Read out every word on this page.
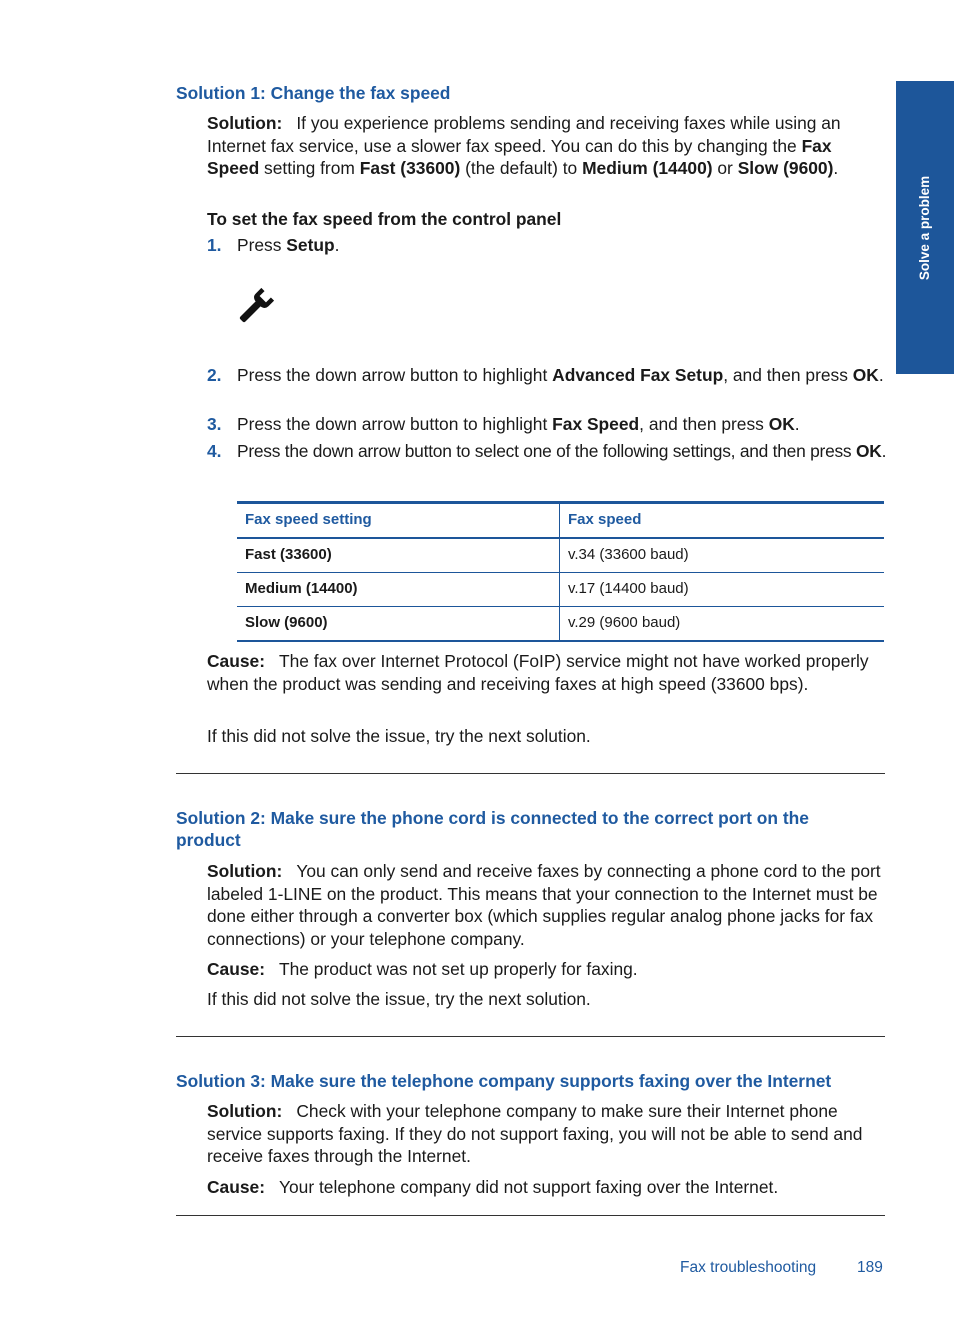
Solve a problem
Solution 1: Change the fax speed
Solution: If you experience problems sending and receiving faxes while using an Internet fax service, use a slower fax speed. You can do this by changing the Fax Speed setting from Fast (33600) (the default) to Medium (14400) or Slow (9600).
To set the fax speed from the control panel
1. Press Setup.
2. Press the down arrow button to highlight Advanced Fax Setup, and then press OK.
3. Press the down arrow button to highlight Fax Speed, and then press OK.
4. Press the down arrow button to select one of the following settings, and then press OK.
Fax speed setting	Fax speed
Fast (33600)	v.34 (33600 baud)
Medium (14400)	v.17 (14400 baud)
Slow (9600)	v.29 (9600 baud)
Cause: The fax over Internet Protocol (FoIP) service might not have worked properly when the product was sending and receiving faxes at high speed (33600 bps).
If this did not solve the issue, try the next solution.
Solution 2: Make sure the phone cord is connected to the correct port on the product
Solution: You can only send and receive faxes by connecting a phone cord to the port labeled 1-LINE on the product. This means that your connection to the Internet must be done either through a converter box (which supplies regular analog phone jacks for fax connections) or your telephone company.
Cause: The product was not set up properly for faxing.
If this did not solve the issue, try the next solution.
Solution 3: Make sure the telephone company supports faxing over the Internet
Solution: Check with your telephone company to make sure their Internet phone service supports faxing. If they do not support faxing, you will not be able to send and receive faxes through the Internet.
Cause: Your telephone company did not support faxing over the Internet.
Fax troubleshooting	189
